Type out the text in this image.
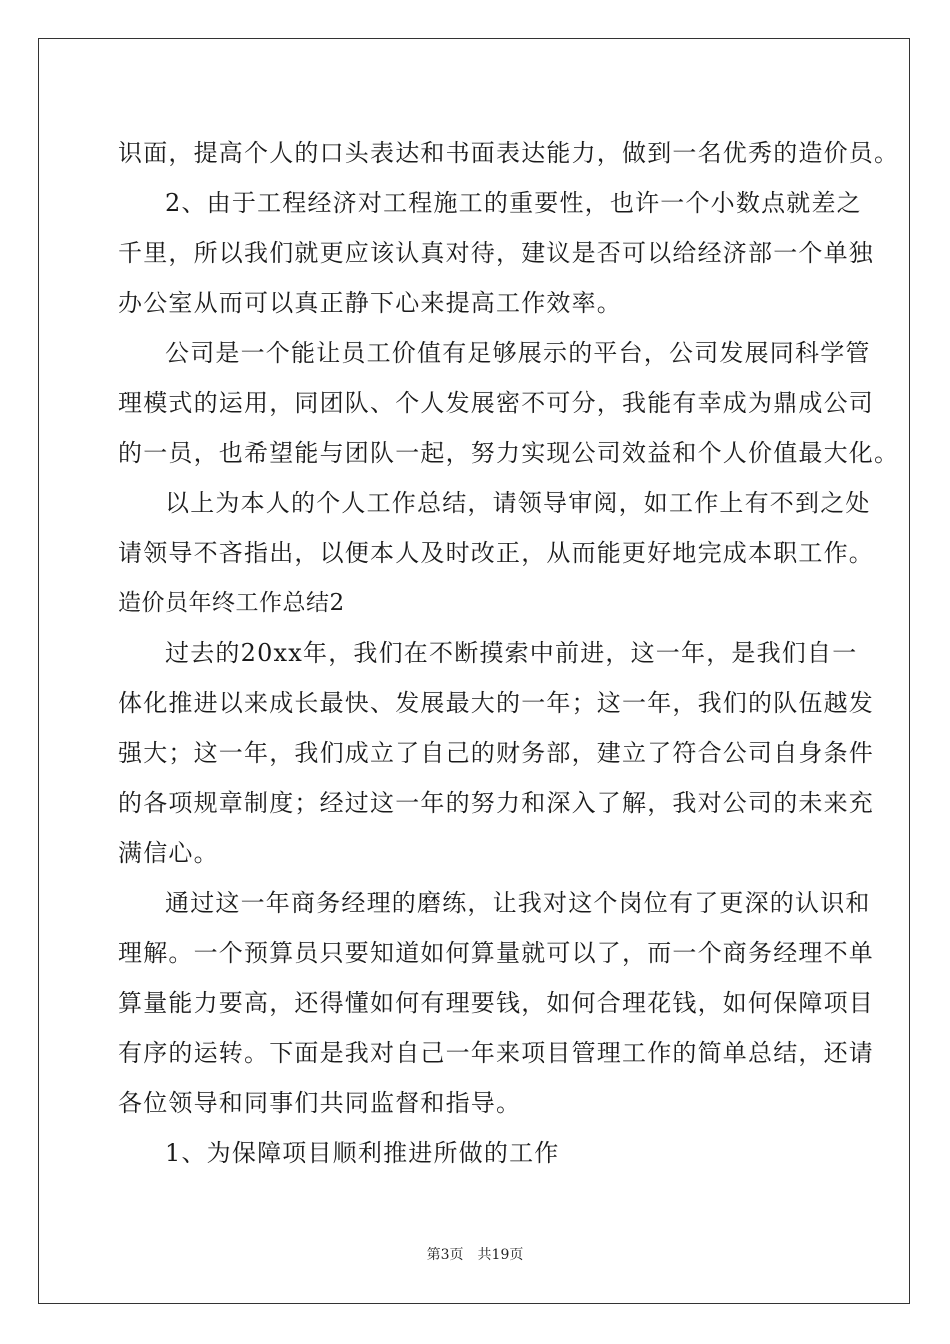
识面，提高个人的口头表达和书面表达能力，做到一名优秀的造价员。
2、由于工程经济对工程施工的重要性，也许一个小数点就差之
千里，所以我们就更应该认真对待，建议是否可以给经济部一个单独
办公室从而可以真正静下心来提高工作效率。
公司是一个能让员工价值有足够展示的平台，公司发展同科学管
理模式的运用，同团队、个人发展密不可分，我能有幸成为鼎成公司
的一员，也希望能与团队一起，努力实现公司效益和个人价值最大化。
以上为本人的个人工作总结，请领导审阅，如工作上有不到之处
请领导不吝指出，以便本人及时改正，从而能更好地完成本职工作。
造价员年终工作总结2
过去的20xx年，我们在不断摸索中前进，这一年，是我们自一
体化推进以来成长最快、发展最大的一年；这一年，我们的队伍越发
强大；这一年，我们成立了自己的财务部，建立了符合公司自身条件
的各项规章制度；经过这一年的努力和深入了解，我对公司的未来充
满信心。
通过这一年商务经理的磨练，让我对这个岗位有了更深的认识和
理解。一个预算员只要知道如何算量就可以了，而一个商务经理不单
算量能力要高，还得懂如何有理要钱，如何合理花钱，如何保障项目
有序的运转。下面是我对自己一年来项目管理工作的简单总结，还请
各位领导和同事们共同监督和指导。
1、为保障项目顺利推进所做的工作
第3页 共19页
